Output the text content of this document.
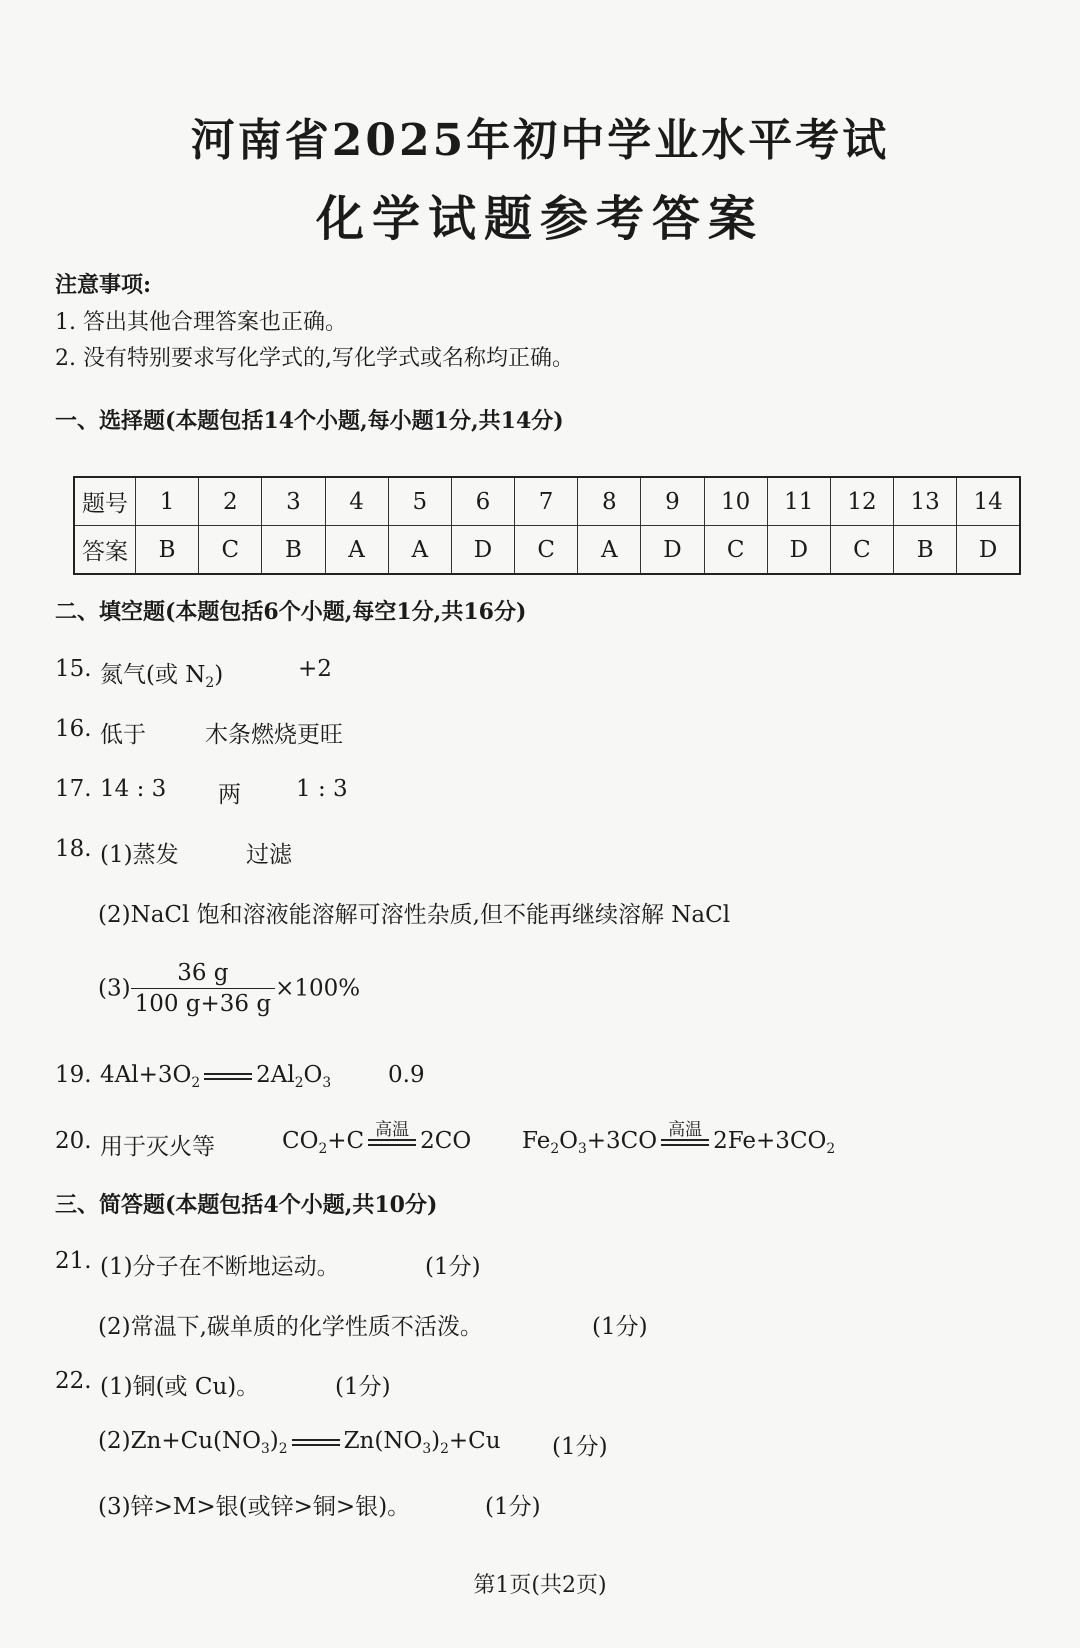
河南省2025年初中学业水平考试
化学试题参考答案
注意事项:
1. 答出其他合理答案也正确。
2. 没有特别要求写化学式的,写化学式或名称均正确。
一、选择题(本题包括14个小题,每小题1分,共14分)
题号	1	2	3	4	5	6	7	8	9	10	11	12	13	14
答案	B	C	B	A	A	D	C	A	D	C	D	C	B	D
二、填空题(本题包括6个小题,每空1分,共16分)
15. 氮气(或 $N_2$)	+2
16. 低于	木条燃烧更旺
17. 14 : 3 两 1 : 3
18. (1)蒸发	过滤
(2)NaCl 饱和溶液能溶解可溶性杂质,但不能再继续溶解 NaCl
$(3) \frac{36 g}{100 g+36 g} \times 100\%$
19. $4Al+3O_2$ $2Al_2O_3$ 0.9
20. 用于灭火等	$CO_2+C$ 高温 2CO $Fe_2O_3+3CO$ 高温 $2Fe+3CO_2$
三、简答题(本题包括4个小题,共10分)
21. (1)分子在不断地运动。	(1分)
(2)常温下,碳单质的化学性质不活泼。	(1分)
22. (1)铜(或 Cu)。	(1分)
$(2)Zn+Cu(NO_3)_2$ $Zn(NO_3)_2+Cu$ (1分)
(3)锌>M>银(或锌>铜>银)。	(1分)
第1页(共2页)
